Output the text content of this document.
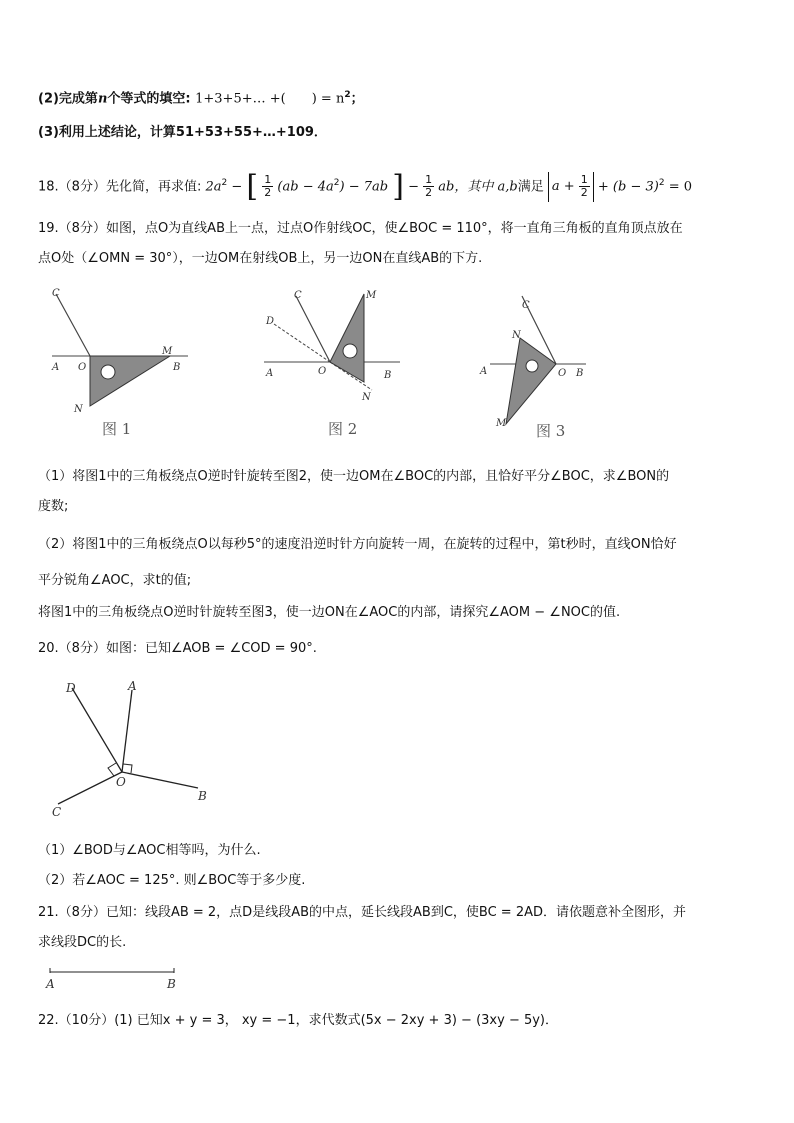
(2)完成第n个等式的填空: 1+3+5+… +(　　) = $n^2$；
(3)利用上述结论，计算51+53+55+…+109．
18.（8分）先化简，再求值: $2a^2$ − [ $\frac{1}{2} (ab - 4a^2) - 7ab$ ] − $\frac{1}{2}$ ab，其中 a,b满足 $a + \frac{1}{2} + (b - 3)^2 = 0$
19.（8分）如图，点O为直线AB上一点，过点O作射线OC，使∠BOC = 110°，将一直角三角板的直角顶点放在
点O处（∠OMN = 30°），一边OM在射线OB上，另一边ON在直线AB的下方.
C
A O
M
B
N
图 1
C
D
M
A	O	B
N
图 2
C
N
A	O B
M 图 3
（1）将图1中的三角板绕点O逆时针旋转至图2，使一边OM在∠BOC的内部，且恰好平分∠BOC，求∠BON的
度数;
（2）将图1中的三角板绕点O以每秒5°的速度沿逆时针方向旋转一周，在旋转的过程中，第t秒时，直线ON恰好
平分锐角∠AOC，求t的值;
将图1中的三角板绕点O逆时针旋转至图3，使一边ON在∠AOC的内部，请探究∠AOM − ∠NOC的值.
20.（8分）如图：已知∠AOB = ∠COD = 90°.
D	A
O
C
B
（1）∠BOD与∠AOC相等吗，为什么.
（2）若∠AOC = 125°. 则∠BOC等于多少度.
21.（8分）已知：线段AB = 2，点D是线段AB的中点，延长线段AB到C，使BC = 2AD．请依题意补全图形，并
求线段DC的长.
A	B
22.（10分）(1) 已知x + y = 3， xy = −1，求代数式(5x − 2xy + 3) − (3xy − 5y)．
